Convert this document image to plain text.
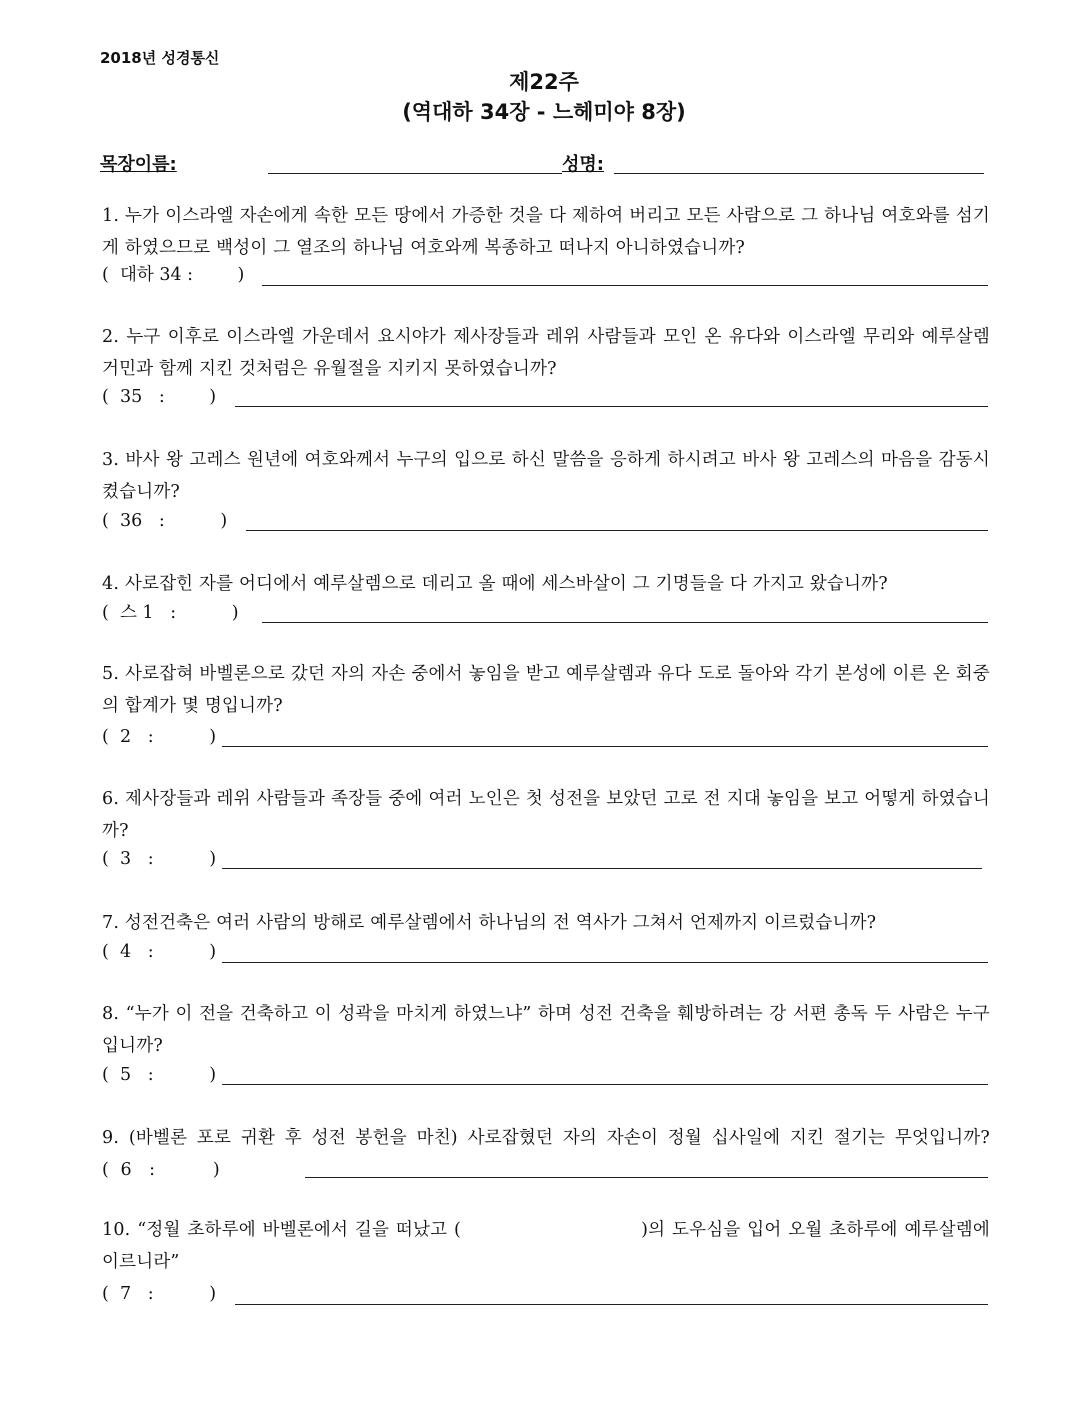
2018년 성경통신
제22주
(역대하 34장 - 느헤미야 8장)
목장이름:	성명:
1. 누가 이스라엘 자손에게 속한 모든 땅에서 가증한 것을 다 제하여 버리고 모든 사람으로 그 하나님 여호와를 섬기게 하였으므로 백성이 그 열조의 하나님 여호와께 복종하고 떠나지 아니하였습니까?
(  대하 34 :        )
2. 누구 이후로 이스라엘 가운데서 요시야가 제사장들과 레위 사람들과 모인 온 유다와 이스라엘 무리와 예루살렘 거민과 함께 지킨 것처럼은 유월절을 지키지 못하였습니까?
(  35   :        )
3. 바사 왕 고레스 원년에 여호와께서 누구의 입으로 하신 말씀을 응하게 하시려고 바사 왕 고레스의 마음을 감동시켰습니까?
(  36   :          )
4. 사로잡힌 자를 어디에서 예루살렘으로 데리고 올 때에 세스바살이 그 기명들을 다 가지고 왔습니까?
(  스 1   :          )
5. 사로잡혀 바벨론으로 갔던 자의 자손 중에서 놓임을 받고 예루살렘과 유다 도로 돌아와 각기 본성에 이른 온 회중의 합계가 몇 명입니까?
(  2   :          )
6. 제사장들과 레위 사람들과 족장들 중에 여러 노인은 첫 성전을 보았던 고로 전 지대 놓임을 보고 어떻게 하였습니까?
(  3   :          )
7. 성전건축은 여러 사람의 방해로 예루살렘에서 하나님의 전 역사가 그쳐서 언제까지 이르렀습니까?
(  4   :          )
8. “누가 이 전을 건축하고 이 성곽을 마치게 하였느냐” 하며 성전 건축을 훼방하려는 강 서편 총독 두 사람은 누구입니까?
(  5   :          )
9. (바벨론 포로 귀환 후 성전 봉헌을 마친) 사로잡혔던 자의 자손이 정월 십사일에 지킨 절기는 무엇입니까? (  6   :          )
10. “정월 초하루에 바벨론에서 길을 떠났고 (	)의 도우심을 입어 오월 초하루에 예루살렘에 이르니라”
(  7   :          )
